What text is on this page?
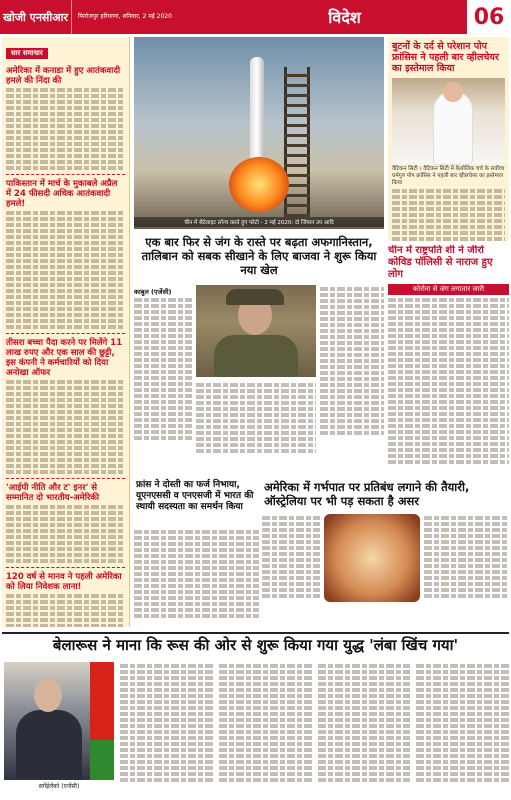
खोजी एनसीआर	फिरोजपुर हरियाणा, शनिवार, 2 मई 2020	विदेश	06
सार समाचार
अमेरिका में कनाडा में हुए आतंकवादी हमले की निंदा की
पाकिस्तान में मार्च के मुकाबले अप्रैल में 24 फीसदी अधिक आतंकवादी हमले!
तीसरा बच्चा पैदा करने पर मिलेंगे 11 लाख रुपए और एक साल की छुट्टी, इस कंपनी ने कर्मचारियों को दिया अनोखा ऑफर
'आईपी नीति और ट' इनर' से सम्मानित दो भारतीय-अमेरिकी
120 वर्ष से मानव ने पहली अमेरिका को लिया निवेशक लाना!
चीन में सैटेलाइट लॉन्च करते हुए फोटो - 2 मई 2020: दो जिंयान उप आदि
बुटनों के दर्द से परेशान पोप फ्रांसिस ने पहली बार व्हीलचेयर का इस्तेमाल किया
वैटिकन सिटी । वैटिकन सिटी में कैथोलिक चर्च के सर्वोच्च धर्मगुरु पोप फ्रांसिस ने पहली बार व्हीलचेयर का इस्तेमाल किया
एक बार फिर से जंग के रास्ते पर बढ़ता अफगानिस्तान, तालिबान को सबक सीखाने के लिए बाजवा ने शुरू किया नया खेल
काबुल (एजेंसी)
चीन में राष्ट्रपति शी ने जीरो कोविड पॉलिसी से नाराज हुए लोग
कोरोना से जंग लगातार जारी
फ्रांस ने दोस्ती का फर्ज निभाया, यूएनएससी व एनएसजी में भारत की स्थायी सदस्यता का समर्थन किया
अमेरिका में गर्भपात पर प्रतिबंध लगाने की तैयारी, ऑस्ट्रेलिया पर भी पड़ सकता है असर
बेलारूस ने माना कि रूस की ओर से शुरू किया गया युद्ध 'लंबा खिंच गया'
सर्गेईलेंको (एजेंसी)
